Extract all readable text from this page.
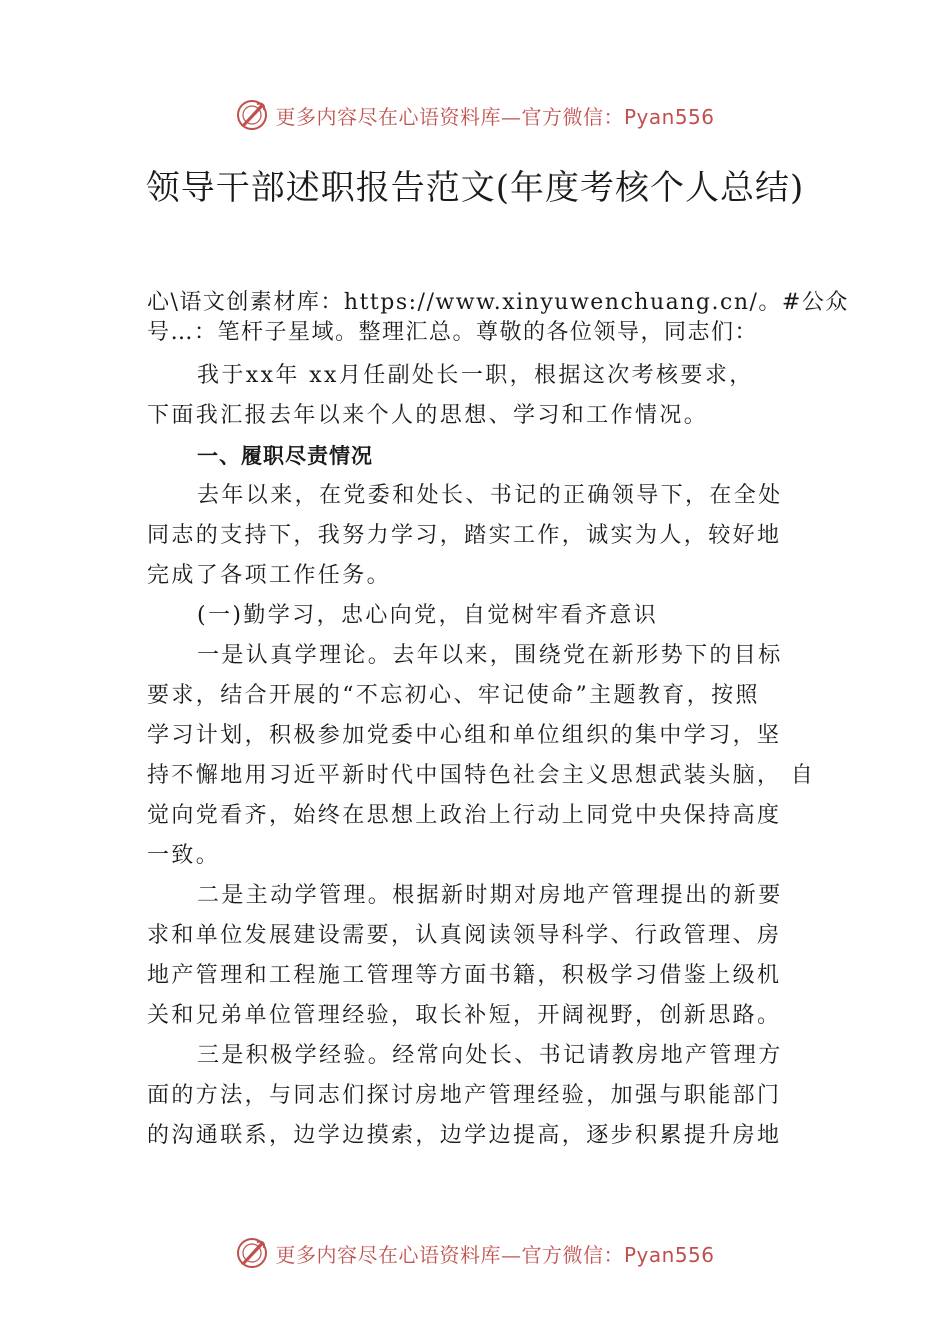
更多内容尽在心语资料库—官方微信：Pyan556
领导干部述职报告范文(年度考核个人总结)
心\语文创素材库：https://www.xinyuwenchuang.cn/。#公众
号…：笔杆子星域。整理汇总。尊敬的各位领导，同志们：
我于xx年 xx月任副处长一职，根据这次考核要求，
下面我汇报去年以来个人的思想、学习和工作情况。
一、履职尽责情况
去年以来，在党委和处长、书记的正确领导下，在全处
同志的支持下，我努力学习，踏实工作，诚实为人，较好地
完成了各项工作任务。
(一)勤学习，忠心向党，自觉树牢看齐意识
一是认真学理论。去年以来，围绕党在新形势下的目标
要求，结合开展的“不忘初心、牢记使命”主题教育，按照
学习计划，积极参加党委中心组和单位组织的集中学习，坚
持不懈地用习近平新时代中国特色社会主义思想武装头脑， 自
觉向党看齐，始终在思想上政治上行动上同党中央保持高度
一致。
二是主动学管理。根据新时期对房地产管理提出的新要
求和单位发展建设需要，认真阅读领导科学、行政管理、房
地产管理和工程施工管理等方面书籍，积极学习借鉴上级机
关和兄弟单位管理经验，取长补短，开阔视野，创新思路。
三是积极学经验。经常向处长、书记请教房地产管理方
面的方法，与同志们探讨房地产管理经验，加强与职能部门
的沟通联系，边学边摸索，边学边提高，逐步积累提升房地
更多内容尽在心语资料库—官方微信：Pyan556
